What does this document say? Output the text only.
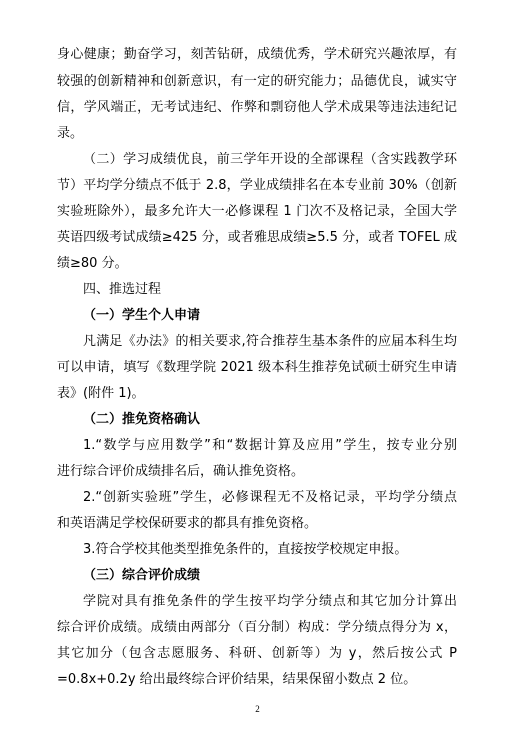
身心健康；勤奋学习，刻苦钻研，成绩优秀，学术研究兴趣浓厚，有
较强的创新精神和创新意识，有一定的研究能力；品德优良，诚实守
信，学风端正，无考试违纪、作弊和剽窃他人学术成果等违法违纪记
录。
（二）学习成绩优良，前三学年开设的全部课程（含实践教学环
节）平均学分绩点不低于 2.8，学业成绩排名在本专业前 30%（创新
实验班除外），最多允许大一必修课程 1 门次不及格记录，全国大学
英语四级考试成绩≥425 分，或者雅思成绩≥5.5 分，或者 TOFEL 成
绩≥80 分。
四、推选过程
（一）学生个人申请
凡满足《办法》的相关要求,符合推荐生基本条件的应届本科生均
可以申请，填写《数理学院 2021 级本科生推荐免试硕士研究生申请
表》(附件 1)。
（二）推免资格确认
1.“数学与应用数学”和“数据计算及应用”学生，按专业分别
进行综合评价成绩排名后，确认推免资格。
2.“创新实验班”学生，必修课程无不及格记录，平均学分绩点
和英语满足学校保研要求的都具有推免资格。
3.符合学校其他类型推免条件的，直接按学校规定申报。
（三）综合评价成绩
学院对具有推免条件的学生按平均学分绩点和其它加分计算出
综合评价成绩。成绩由两部分（百分制）构成：学分绩点得分为 x，
其它加分（包含志愿服务、科研、创新等）为 y，然后按公式 P
=0.8x+0.2y 给出最终综合评价结果，结果保留小数点 2 位。
2
